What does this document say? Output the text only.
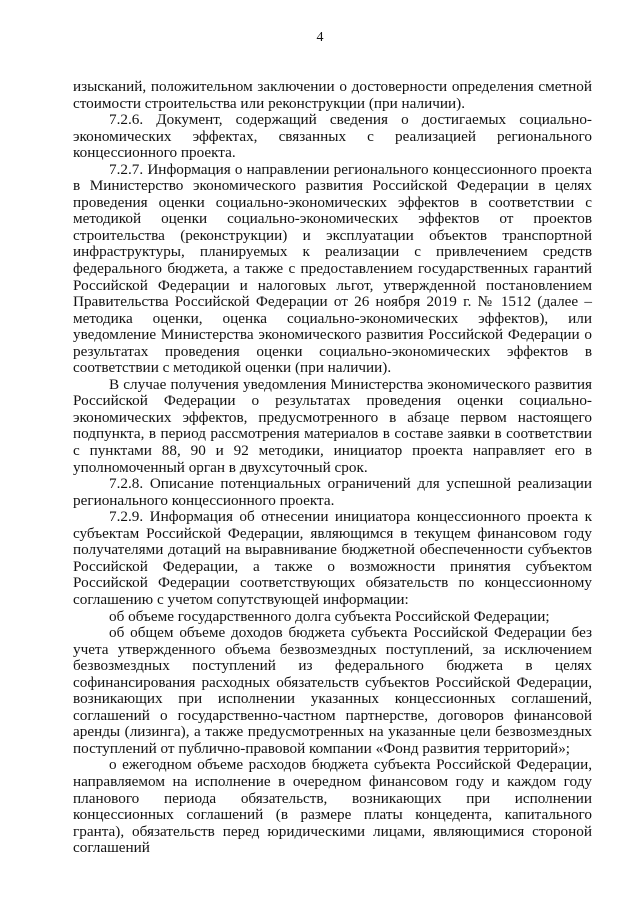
4

изысканий, положительном заключении о достоверности определения сметной стоимости строительства или реконструкции (при наличии).

7.2.6. Документ, содержащий сведения о достигаемых социально-экономических эффектах, связанных с реализацией регионального концессионного проекта.

7.2.7. Информация о направлении регионального концессионного проекта в Министерство экономического развития Российской Федерации в целях проведения оценки социально-экономических эффектов в соответствии с методикой оценки социально-экономических эффектов от проектов строительства (реконструкции) и эксплуатации объектов транспортной инфраструктуры, планируемых к реализации с привлечением средств федерального бюджета, а также с предоставлением государственных гарантий Российской Федерации и налоговых льгот, утвержденной постановлением Правительства Российской Федерации от 26 ноября 2019 г. № 1512 (далее – методика оценки, оценка социально-экономических эффектов), или уведомление Министерства экономического развития Российской Федерации о результатах проведения оценки социально-экономических эффектов в соответствии с методикой оценки (при наличии).

В случае получения уведомления Министерства экономического развития Российской Федерации о результатах проведения оценки социально-экономических эффектов, предусмотренного в абзаце первом настоящего подпункта, в период рассмотрения материалов в составе заявки в соответствии с пунктами 88, 90 и 92 методики, инициатор проекта направляет его в уполномоченный орган в двухсуточный срок.

7.2.8. Описание потенциальных ограничений для успешной реализации регионального концессионного проекта.

7.2.9. Информация об отнесении инициатора концессионного проекта к субъектам Российской Федерации, являющимся в текущем финансовом году получателями дотаций на выравнивание бюджетной обеспеченности субъектов Российской Федерации, а также о возможности принятия субъектом Российской Федерации соответствующих обязательств по концессионному соглашению с учетом сопутствующей информации:

об объеме государственного долга субъекта Российской Федерации;

об общем объеме доходов бюджета субъекта Российской Федерации без учета утвержденного объема безвозмездных поступлений, за исключением безвозмездных поступлений из федерального бюджета в целях софинансирования расходных обязательств субъектов Российской Федерации, возникающих при исполнении указанных концессионных соглашений, соглашений о государственно-частном партнерстве, договоров финансовой аренды (лизинга), а также предусмотренных на указанные цели безвозмездных поступлений от публично-правовой компании «Фонд развития территорий»;

о ежегодном объеме расходов бюджета субъекта Российской Федерации, направляемом на исполнение в очередном финансовом году и каждом году планового периода обязательств, возникающих при исполнении концессионных соглашений (в размере платы концедента, капитального гранта), обязательств перед юридическими лицами, являющимися стороной соглашений
